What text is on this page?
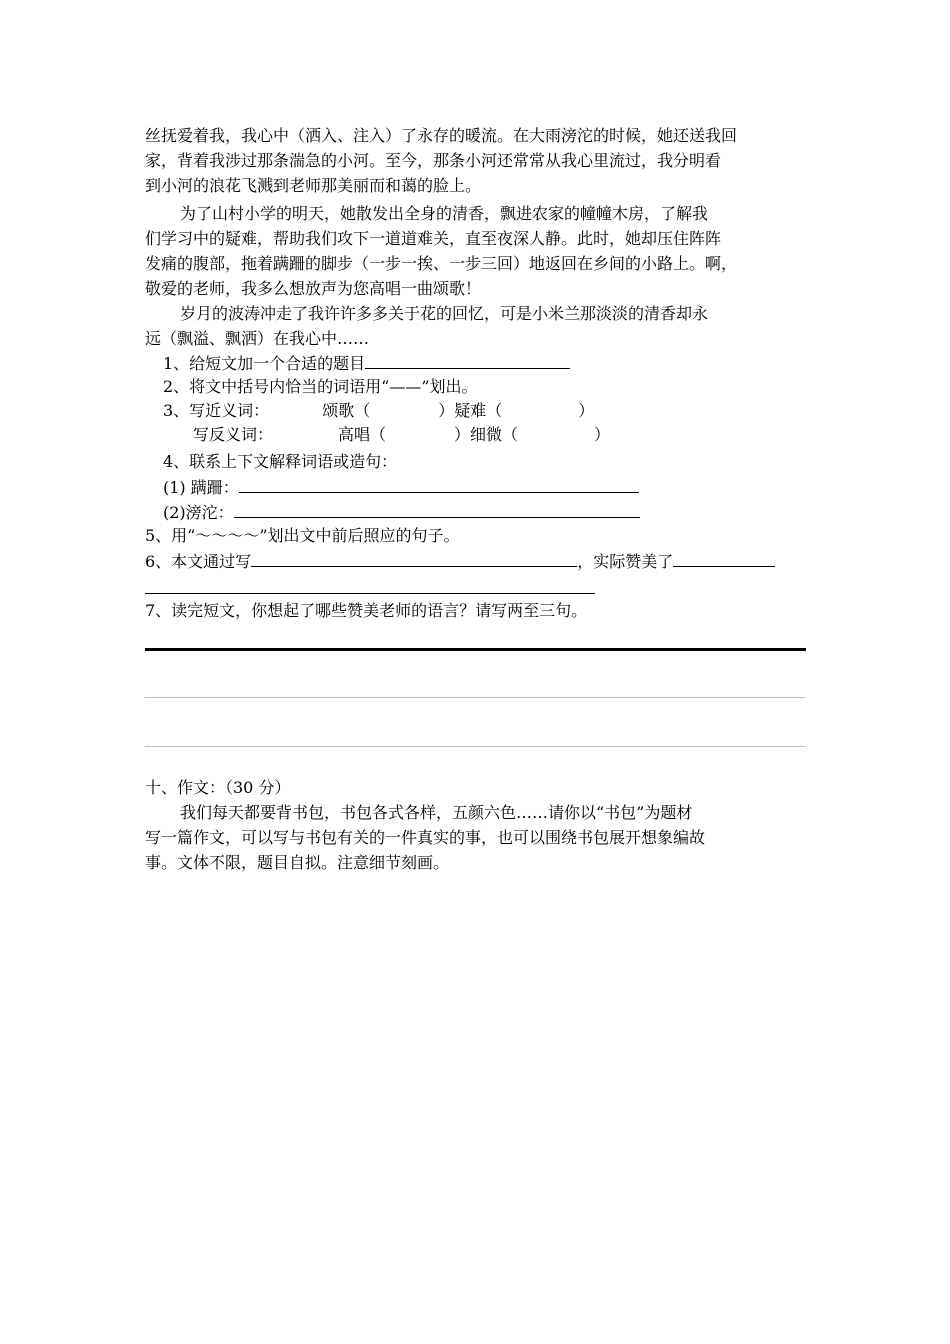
丝抚爱着我，我心中（洒入、注入）了永存的暖流。在大雨滂沱的时候，她还送我回
家，背着我涉过那条湍急的小河。至今，那条小河还常常从我心里流过，我分明看
到小河的浪花飞溅到老师那美丽而和蔼的脸上。
为了山村小学的明天，她散发出全身的清香，飘进农家的幢幢木房，了解我
们学习中的疑难，帮助我们攻下一道道难关，直至夜深人静。此时，她却压住阵阵
发痛的腹部，拖着蹒跚的脚步（一步一挨、一步三回）地返回在乡间的小路上。啊，
敬爱的老师，我多么想放声为您高唱一曲颂歌！
岁月的波涛冲走了我许许多多关于花的回忆，可是小米兰那淡淡的清香却永
远（飘溢、飘洒）在我心中……
1、给短文加一个合适的题目
2、将文中括号内恰当的词语用“——”划出。
3、写近义词：	颂歌（	）疑难（	）
写反义词：	高唱（	）细微（	）
4、联系上下文解释词语或造句：
(1) 蹒跚：
(2)滂沱：
5、用“～～～～”划出文中前后照应的句子。
6、本文通过写	，实际赞美了
7、读完短文，你想起了哪些赞美老师的语言？请写两至三句。
十、作文：（30 分）
我们每天都要背书包，书包各式各样，五颜六色……请你以“书包”为题材
写一篇作文，可以写与书包有关的一件真实的事，也可以围绕书包展开想象编故
事。文体不限，题目自拟。注意细节刻画。
